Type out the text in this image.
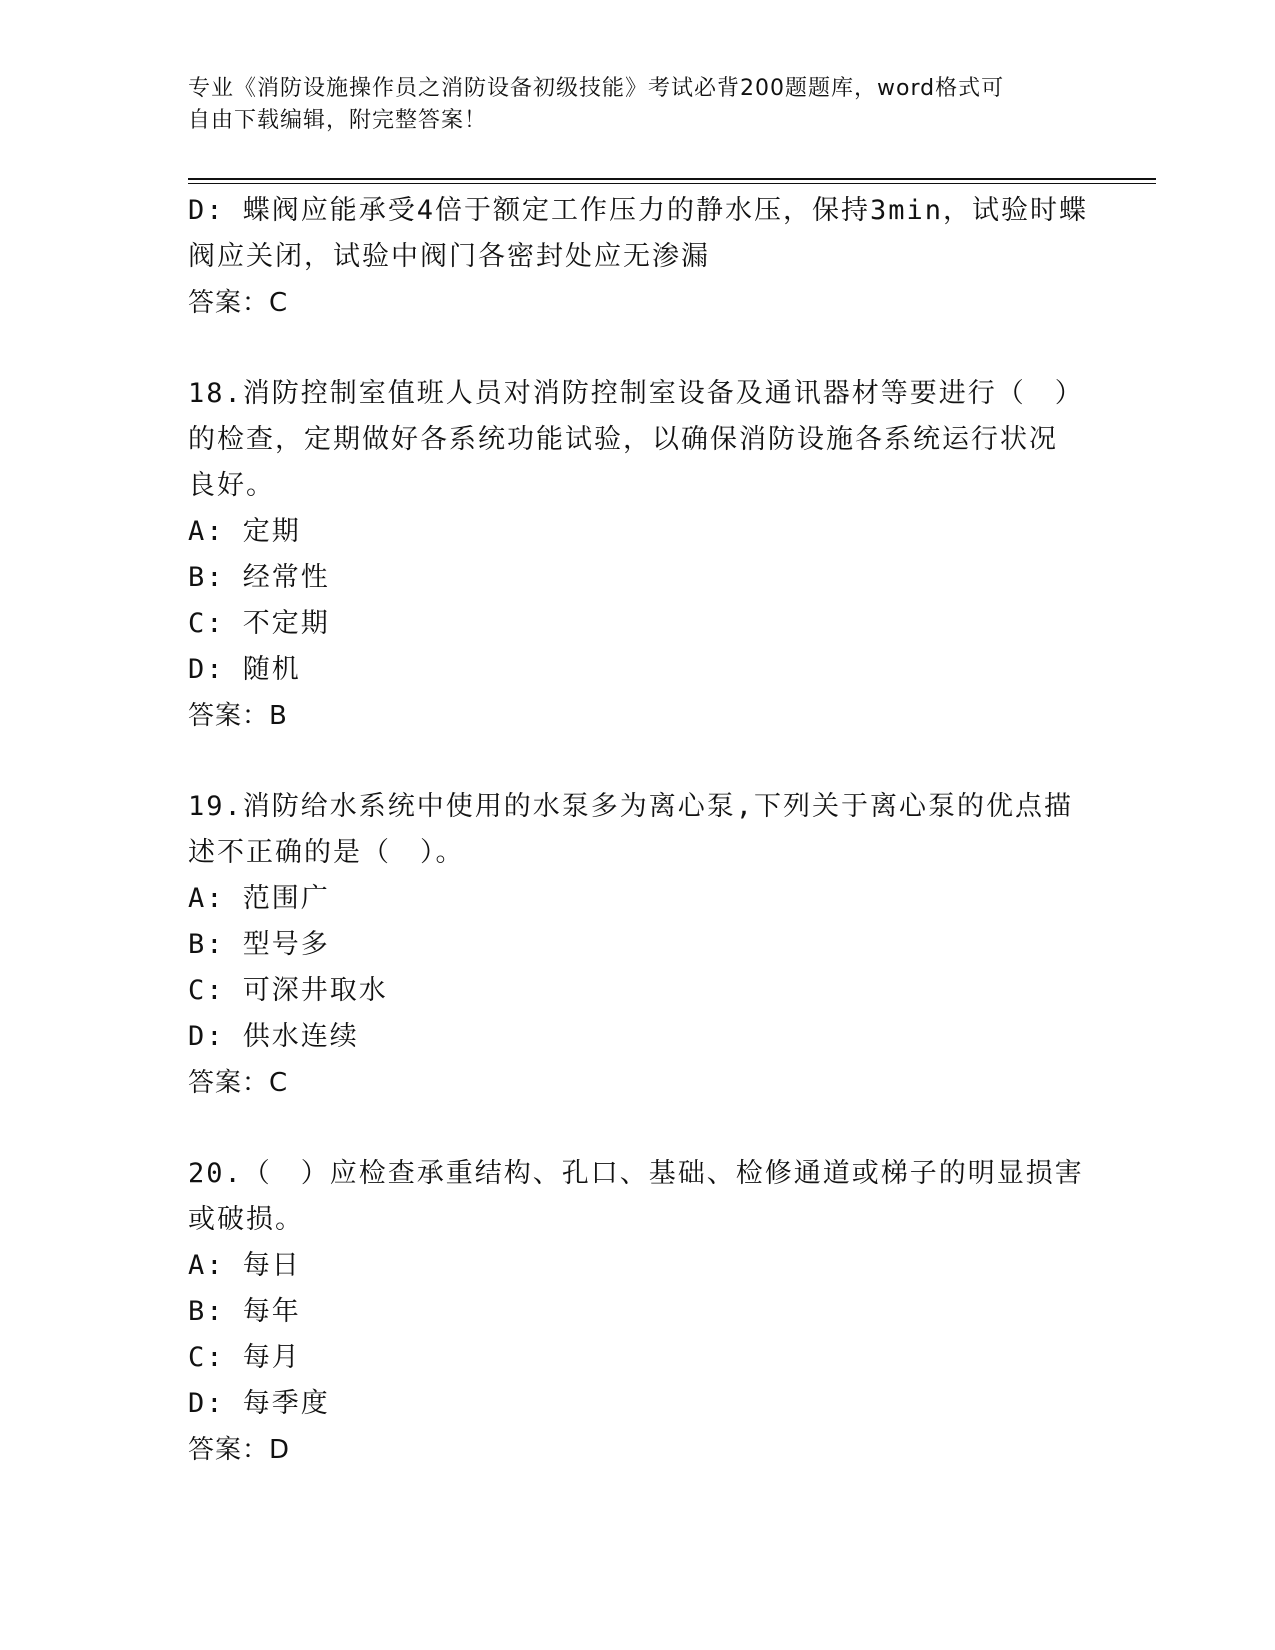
专业《消防设施操作员之消防设备初级技能》考试必背200题题库，word格式可
自由下载编辑，附完整答案！
D: 蝶阀应能承受4倍于额定工作压力的静水压，保持3min，试验时蝶
阀应关闭，试验中阀门各密封处应无渗漏
答案：C
18.消防控制室值班人员对消防控制室设备及通讯器材等要进行（　）
的检查，定期做好各系统功能试验，以确保消防设施各系统运行状况
良好。
A: 定期
B: 经常性
C: 不定期
D: 随机
答案：B
19.消防给水系统中使用的水泵多为离心泵,下列关于离心泵的优点描
述不正确的是（　）。
A: 范围广
B: 型号多
C: 可深井取水
D: 供水连续
答案：C
20.（　）应检查承重结构、孔口、基础、检修通道或梯子的明显损害
或破损。
A: 每日
B: 每年
C: 每月
D: 每季度
答案：D
